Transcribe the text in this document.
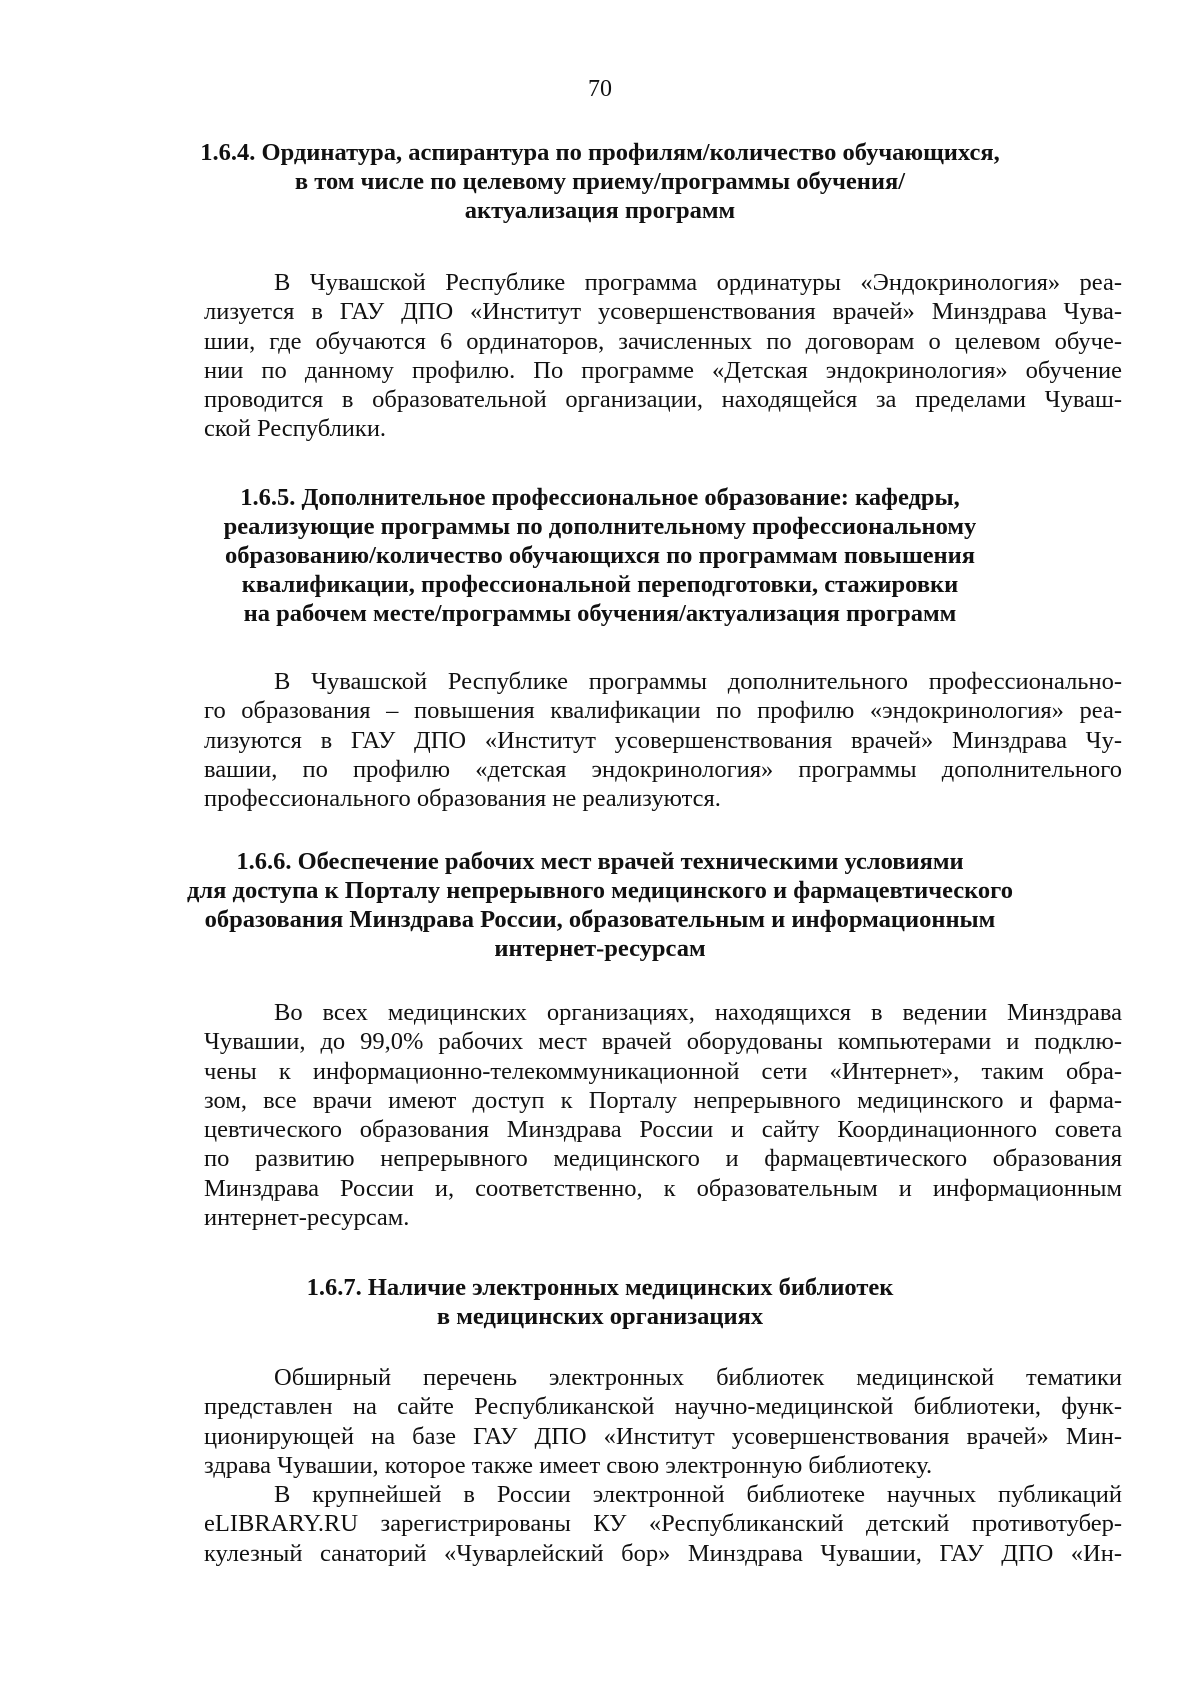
70
1.6.4. Ординатура, аспирантура по профилям/количество обучающихся,
в том числе по целевому приему/программы обучения/
актуализация программ
В Чувашской Республике программа ординатуры «Эндокринология» реа-
лизуется в ГАУ ДПО «Институт усовершенствования врачей» Минздрава Чува-
шии, где обучаются 6 ординаторов, зачисленных по договорам о целевом обуче-
нии по данному профилю. По программе «Детская эндокринология» обучение
проводится в образовательной организации, находящейся за пределами Чуваш-
ской Республики.
1.6.5. Дополнительное профессиональное образование: кафедры,
реализующие программы по дополнительному профессиональному
образованию/количество обучающихся по программам повышения
квалификации, профессиональной переподготовки, стажировки
на рабочем месте/программы обучения/актуализация программ
В Чувашской Республике программы дополнительного профессионально-
го образования – повышения квалификации по профилю «эндокринология» реа-
лизуются в ГАУ ДПО «Институт усовершенствования врачей» Минздрава Чу-
вашии, по профилю «детская эндокринология» программы дополнительного
профессионального образования не реализуются.
1.6.6. Обеспечение рабочих мест врачей техническими условиями
для доступа к Порталу непрерывного медицинского и фармацевтического
образования Минздрава России, образовательным и информационным
интернет-ресурсам
Во всех медицинских организациях, находящихся в ведении Минздрава
Чувашии, до 99,0% рабочих мест врачей оборудованы компьютерами и подклю-
чены к информационно-телекоммуникационной сети «Интернет», таким обра-
зом, все врачи имеют доступ к Порталу непрерывного медицинского и фарма-
цевтического образования Минздрава России и сайту Координационного совета
по развитию непрерывного медицинского и фармацевтического образования
Минздрава России и, соответственно, к образовательным и информационным
интернет-ресурсам.
1.6.7. Наличие электронных медицинских библиотек
в медицинских организациях
Обширный перечень электронных библиотек медицинской тематики
представлен на сайте Республиканской научно-медицинской библиотеки, функ-
ционирующей на базе ГАУ ДПО «Институт усовершенствования врачей» Мин-
здрава Чувашии, которое также имеет свою электронную библиотеку.
В крупнейшей в России электронной библиотеке научных публикаций
eLIBRARY.RU зарегистрированы КУ «Республиканский детский противотубер-
кулезный санаторий «Чуварлейский бор» Минздрава Чувашии, ГАУ ДПО «Ин-
